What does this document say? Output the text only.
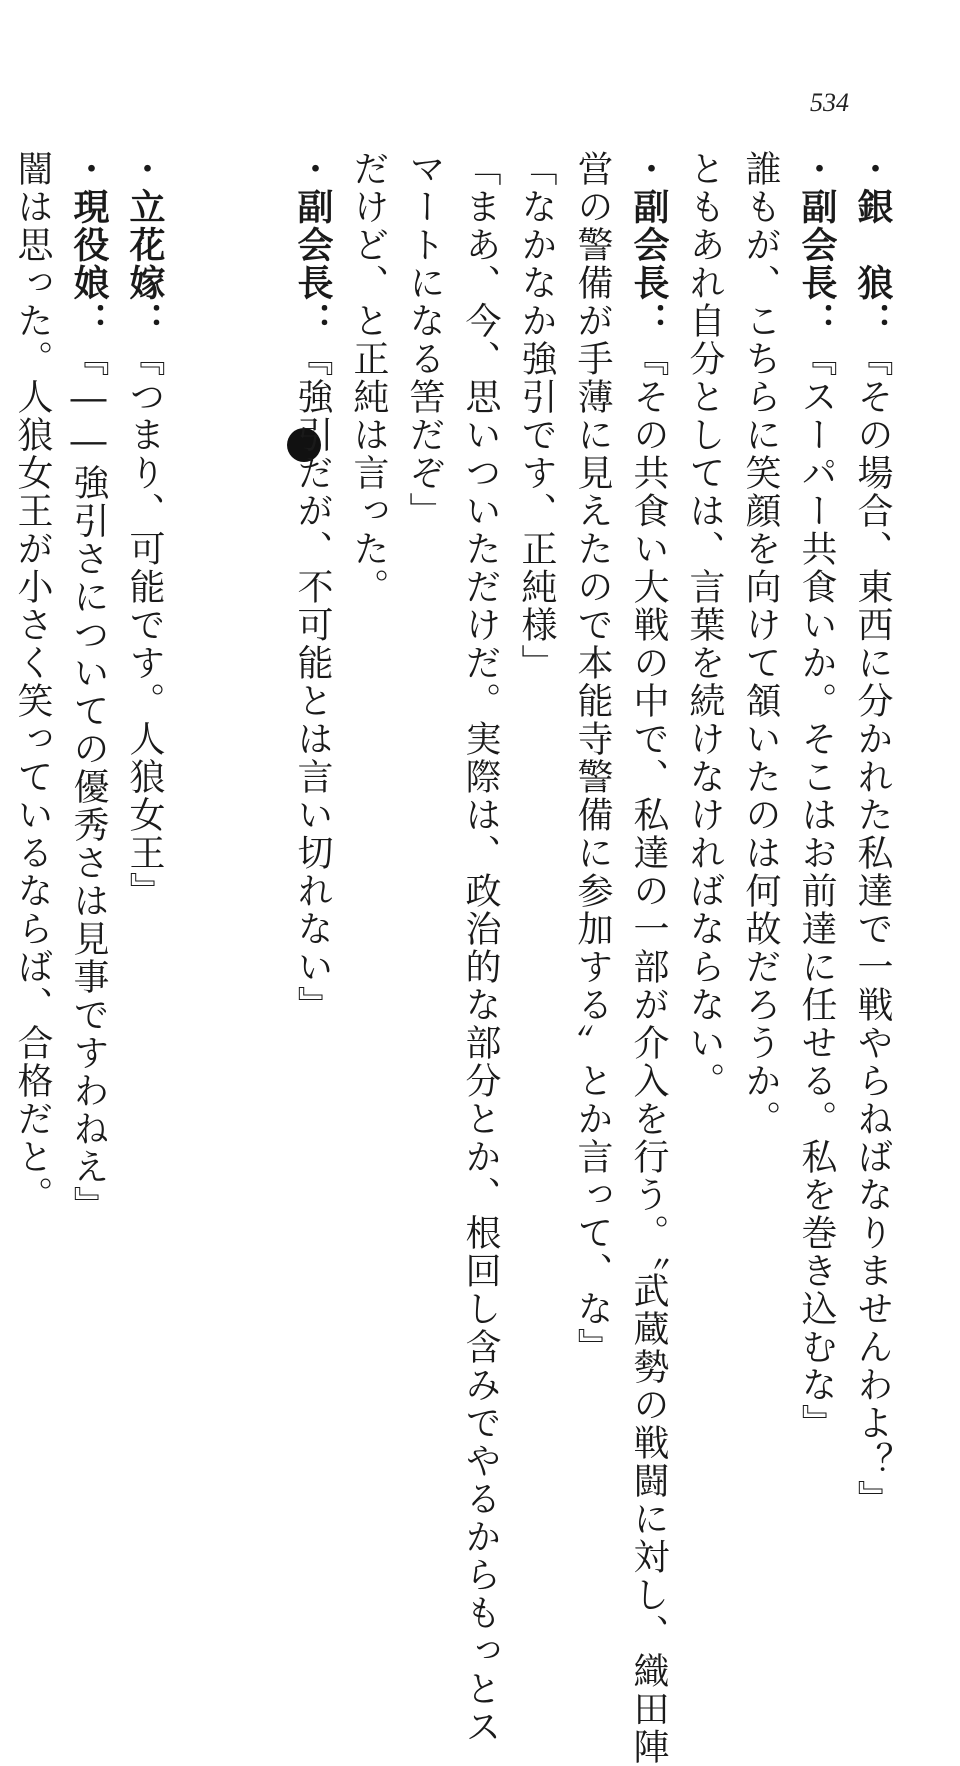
534
・銀　狼：『その場合、東西に分かれた私達で一戦やらねばなりませんわよ？』
・副会長：『スーパー共食いか。そこはお前達に任せる。私を巻き込むな』
誰もが、こちらに笑顔を向けて頷いたのは何故だろうか。
ともあれ自分としては、言葉を続けなければならない。
・副会長：『その共食い大戦の中で、私達の一部が介入を行う。〝武蔵勢の戦闘に対し、織田陣
営の警備が手薄に見えたので本能寺警備に参加する〟とか言って、な』
「なかなか強引です、正純様」
「まあ、今、思いついただけだ。実際は、政治的な部分とか、根回し含みでやるからもっとス
マートになる筈だぞ」
だけど、と正純は言った。
・副会長：『強引だが、不可能とは言い切れない』
・立花嫁：『つまり、可能です。人狼女王』
・現役娘：『――強引さについての優秀さは見事ですわねえ』
闇は思った。人狼女王が小さく笑っているならば、合格だと。
